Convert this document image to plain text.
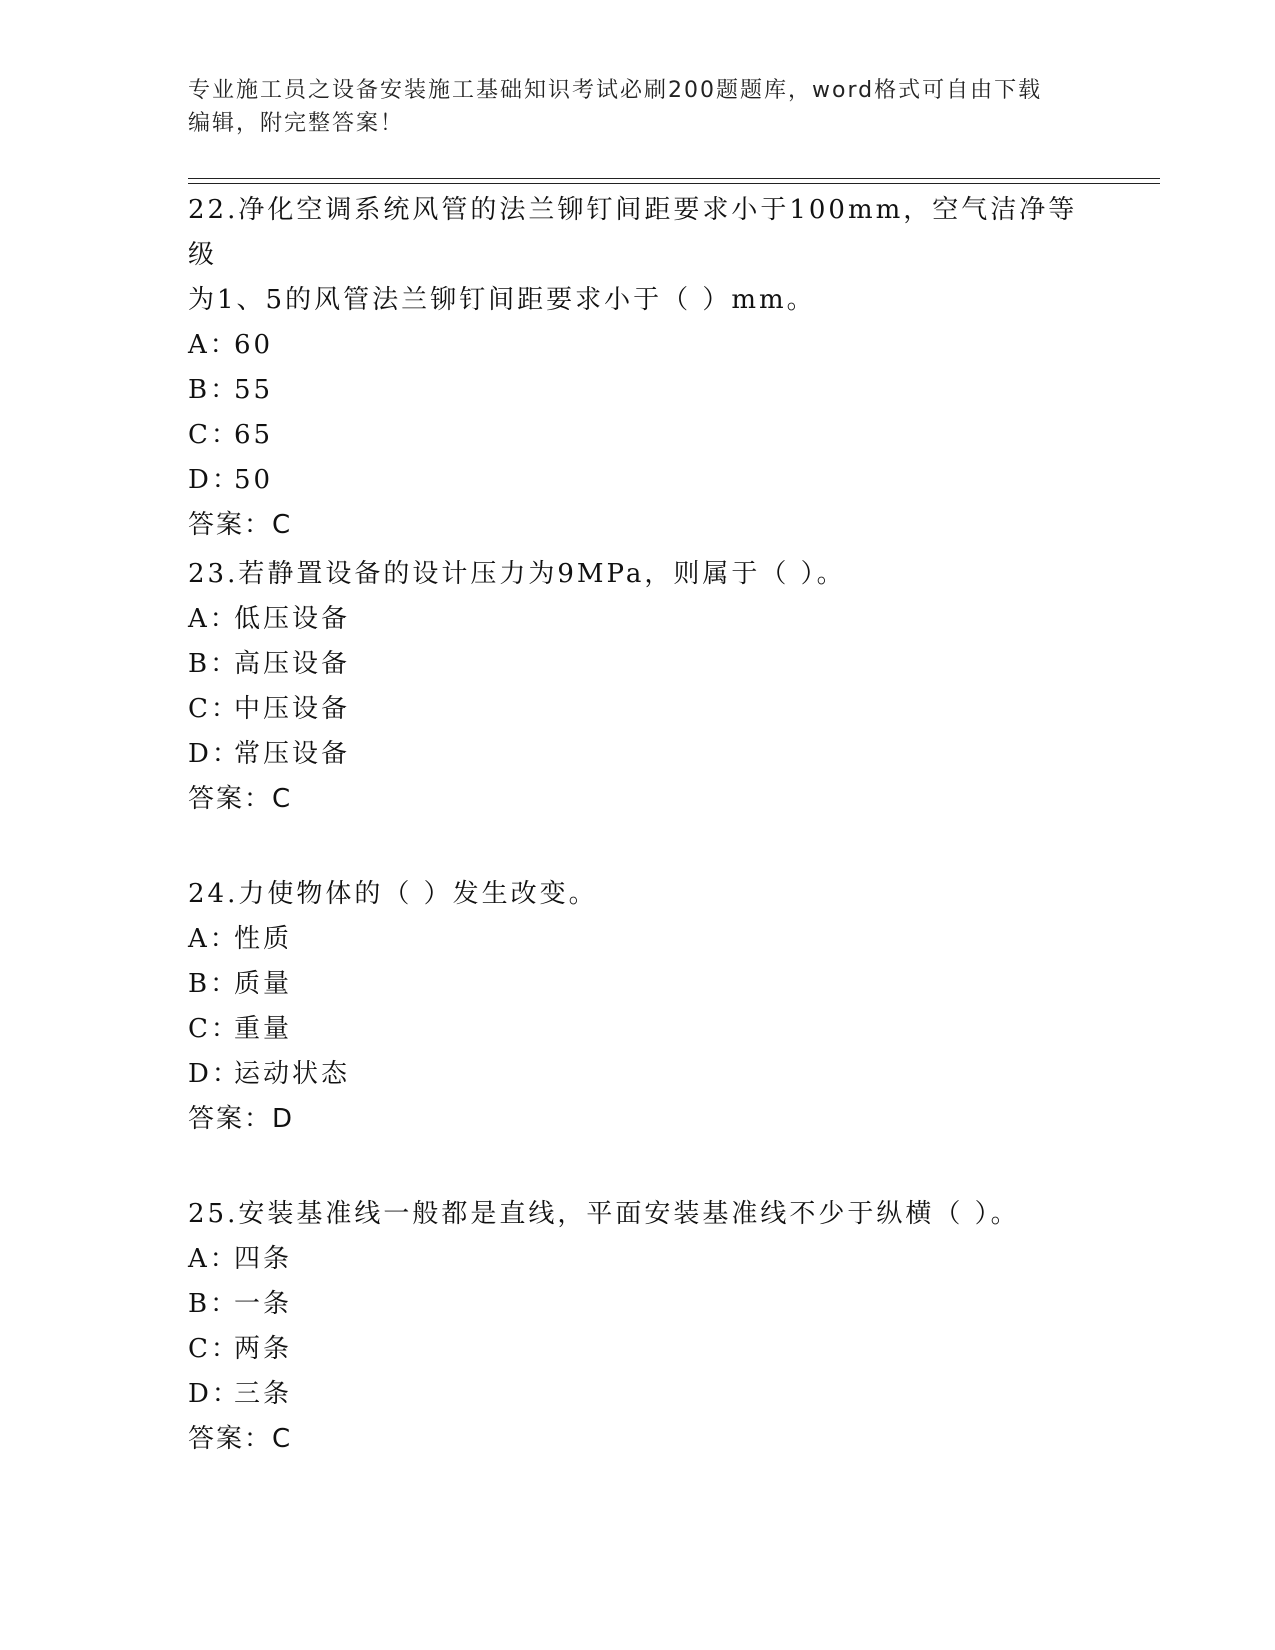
专业施工员之设备安装施工基础知识考试必刷200题题库，word格式可自由下载
编辑，附完整答案！

22.净化空调系统风管的法兰铆钉间距要求小于100mm，空气洁净等级

为1、5的风管法兰铆钉间距要求小于（ ）mm。

A：60

B：55

C：65

D：50

答案：C

23.若静置设备的设计压力为9MPa，则属于（ ）。

A：低压设备

B：高压设备

C：中压设备

D：常压设备

答案：C

24.力使物体的（ ）发生改变。

A：性质

B：质量

C：重量

D：运动状态

答案：D

25.安装基准线一般都是直线，平面安装基准线不少于纵横（ ）。

A：四条

B：一条

C：两条

D：三条

答案：C
